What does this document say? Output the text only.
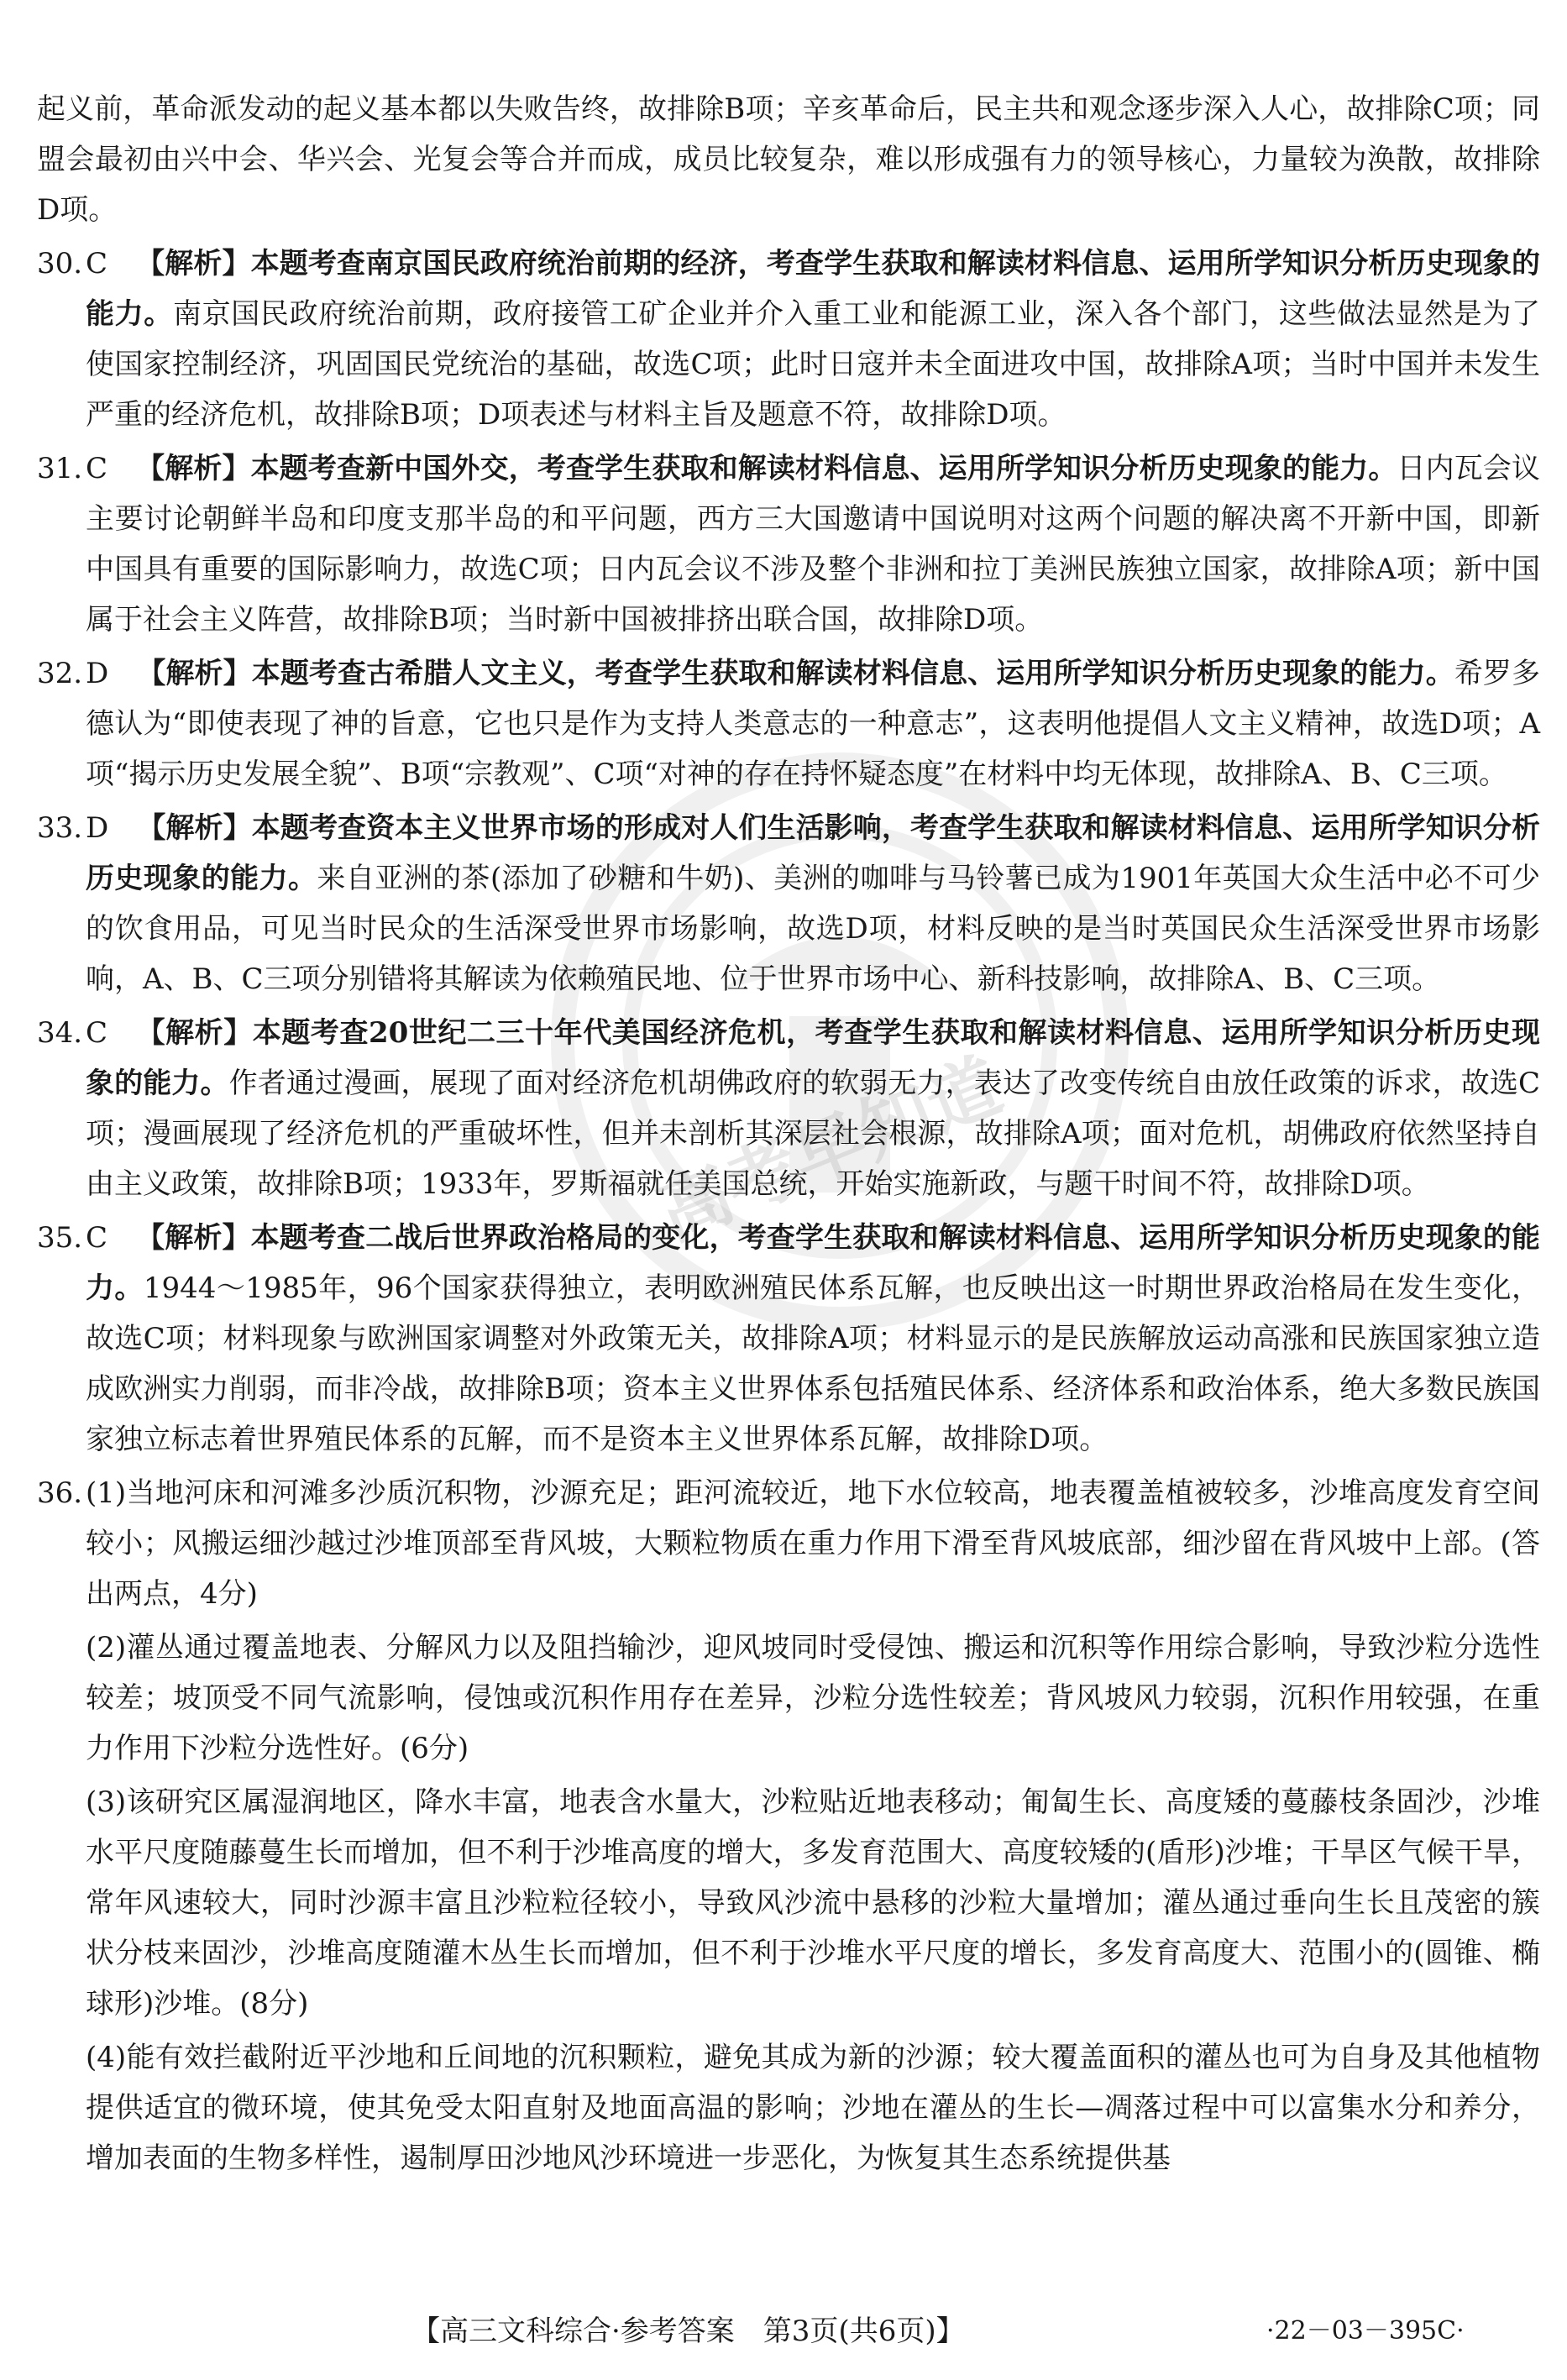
高考早知道

起义前，革命派发动的起义基本都以失败告终，故排除B项；辛亥革命后，民主共和观念逐步深入人心，故排除C项；同盟会最初由兴中会、华兴会、光复会等合并而成，成员比较复杂，难以形成强有力的领导核心，力量较为涣散，故排除D项。

30. C 【解析】本题考查南京国民政府统治前期的经济，考查学生获取和解读材料信息、运用所学知识分析历史现象的能力。南京国民政府统治前期，政府接管工矿企业并介入重工业和能源工业，深入各个部门，这些做法显然是为了使国家控制经济，巩固国民党统治的基础，故选C项；此时日寇并未全面进攻中国，故排除A项；当时中国并未发生严重的经济危机，故排除B项；D项表述与材料主旨及题意不符，故排除D项。
31. C 【解析】本题考查新中国外交，考查学生获取和解读材料信息、运用所学知识分析历史现象的能力。日内瓦会议主要讨论朝鲜半岛和印度支那半岛的和平问题，西方三大国邀请中国说明对这两个问题的解决离不开新中国，即新中国具有重要的国际影响力，故选C项；日内瓦会议不涉及整个非洲和拉丁美洲民族独立国家，故排除A项；新中国属于社会主义阵营，故排除B项；当时新中国被排挤出联合国，故排除D项。
32. D 【解析】本题考查古希腊人文主义，考查学生获取和解读材料信息、运用所学知识分析历史现象的能力。希罗多德认为“即使表现了神的旨意，它也只是作为支持人类意志的一种意志”，这表明他提倡人文主义精神，故选D项；A项“揭示历史发展全貌”、B项“宗教观”、C项“对神的存在持怀疑态度”在材料中均无体现，故排除A、B、C三项。
33. D 【解析】本题考查资本主义世界市场的形成对人们生活影响，考查学生获取和解读材料信息、运用所学知识分析历史现象的能力。来自亚洲的茶(添加了砂糖和牛奶)、美洲的咖啡与马铃薯已成为1901年英国大众生活中必不可少的饮食用品，可见当时民众的生活深受世界市场影响，故选D项，材料反映的是当时英国民众生活深受世界市场影响，A、B、C三项分别错将其解读为依赖殖民地、位于世界市场中心、新科技影响，故排除A、B、C三项。
34. C 【解析】本题考查20世纪二三十年代美国经济危机，考查学生获取和解读材料信息、运用所学知识分析历史现象的能力。作者通过漫画，展现了面对经济危机胡佛政府的软弱无力，表达了改变传统自由放任政策的诉求，故选C项；漫画展现了经济危机的严重破坏性，但并未剖析其深层社会根源，故排除A项；面对危机，胡佛政府依然坚持自由主义政策，故排除B项；1933年，罗斯福就任美国总统，开始实施新政，与题干时间不符，故排除D项。
35. C 【解析】本题考查二战后世界政治格局的变化，考查学生获取和解读材料信息、运用所学知识分析历史现象的能力。1944～1985年，96个国家获得独立，表明欧洲殖民体系瓦解，也反映出这一时期世界政治格局在发生变化，故选C项；材料现象与欧洲国家调整对外政策无关，故排除A项；材料显示的是民族解放运动高涨和民族国家独立造成欧洲实力削弱，而非冷战，故排除B项；资本主义世界体系包括殖民体系、经济体系和政治体系，绝大多数民族国家独立标志着世界殖民体系的瓦解，而不是资本主义世界体系瓦解，故排除D项。
36. (1)当地河床和河滩多沙质沉积物，沙源充足；距河流较近，地下水位较高，地表覆盖植被较多，沙堆高度发育空间较小；风搬运细沙越过沙堆顶部至背风坡，大颗粒物质在重力作用下滑至背风坡底部，细沙留在背风坡中上部。(答出两点，4分)

(2)灌丛通过覆盖地表、分解风力以及阻挡输沙，迎风坡同时受侵蚀、搬运和沉积等作用综合影响，导致沙粒分选性较差；坡顶受不同气流影响，侵蚀或沉积作用存在差异，沙粒分选性较差；背风坡风力较弱，沉积作用较强，在重力作用下沙粒分选性好。(6分)

(3)该研究区属湿润地区，降水丰富，地表含水量大，沙粒贴近地表移动；匍匐生长、高度矮的蔓藤枝条固沙，沙堆水平尺度随藤蔓生长而增加，但不利于沙堆高度的增大，多发育范围大、高度较矮的(盾形)沙堆；干旱区气候干旱，常年风速较大，同时沙源丰富且沙粒粒径较小，导致风沙流中悬移的沙粒大量增加；灌丛通过垂向生长且茂密的簇状分枝来固沙，沙堆高度随灌木丛生长而增加，但不利于沙堆水平尺度的增长，多发育高度大、范围小的(圆锥、椭球形)沙堆。(8分)

(4)能有效拦截附近平沙地和丘间地的沉积颗粒，避免其成为新的沙源；较大覆盖面积的灌丛也可为自身及其他植物提供适宜的微环境，使其免受太阳直射及地面高温的影响；沙地在灌丛的生长—凋落过程中可以富集水分和养分，增加表面的生物多样性，遏制厚田沙地风沙环境进一步恶化，为恢复其生态系统提供基

【高三文科综合·参考答案　第3页(共6页)】	·22－03－395C·
